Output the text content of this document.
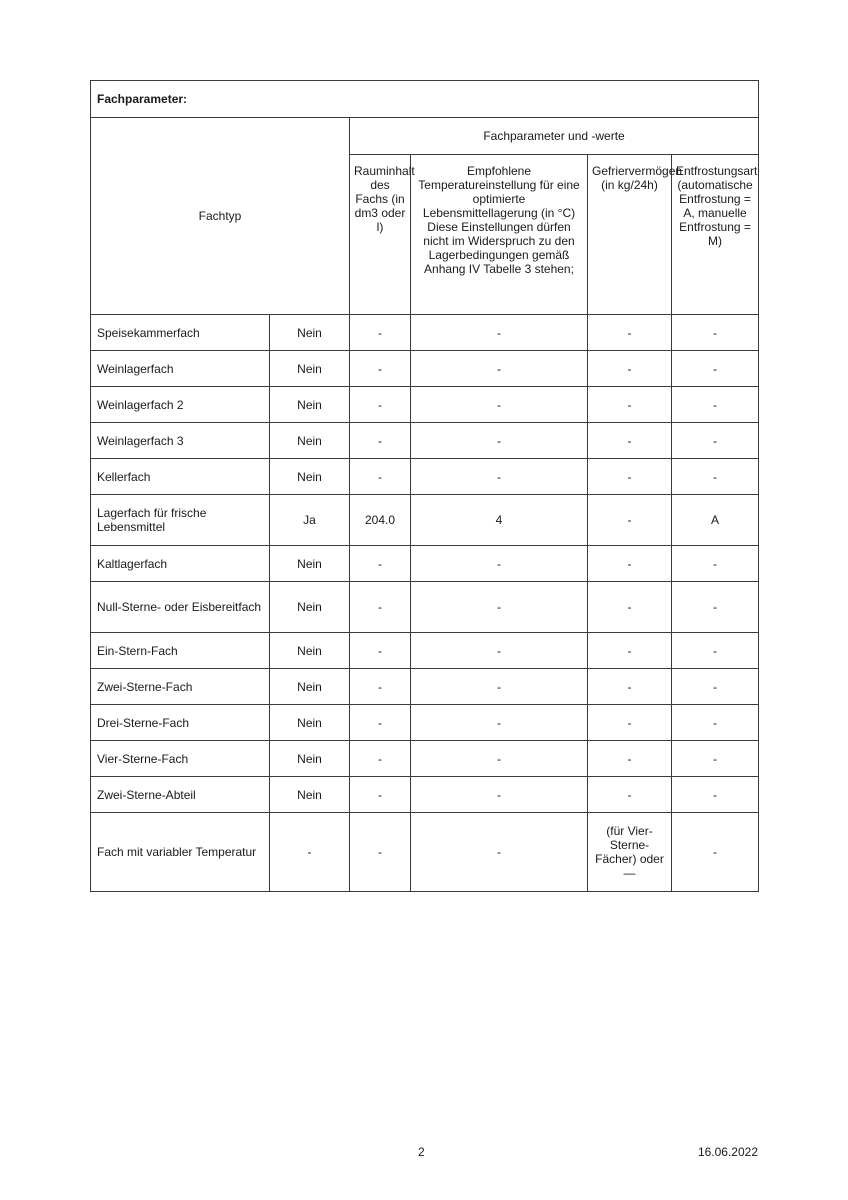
Fachparameter:					
Fachtyp		Fachparameter und -werte			
		Rauminhalt des Fachs (in dm3 oder l)	Empfohlene Temperatureinstellung für eine optimierte Lebensmittellagerung (in °C) Diese Einstellungen dürfen nicht im Widerspruch zu den Lagerbedingungen gemäß Anhang IV Tabelle 3 stehen;	Gefriervermögen (in kg/24h)	Entfrostungsart (automatische Entfrostung = A, manuelle Entfrostung = M)
Speisekammerfach	Nein	-	-	-	-
Weinlagerfach	Nein	-	-	-	-
Weinlagerfach 2	Nein	-	-	-	-
Weinlagerfach 3	Nein	-	-	-	-
Kellerfach	Nein	-	-	-	-
Lagerfach für frische Lebensmittel	Ja	204.0	4	-	A
Kaltlagerfach	Nein	-	-	-	-
Null-Sterne- oder Eisbereitfach	Nein	-	-	-	-
Ein-Stern-Fach	Nein	-	-	-	-
Zwei-Sterne-Fach	Nein	-	-	-	-
Drei-Sterne-Fach	Nein	-	-	-	-
Vier-Sterne-Fach	Nein	-	-	-	-
Zwei-Sterne-Abteil	Nein	-	-	-	-
Fach mit variabler Temperatur	-	-	-	(für Vier-Sterne-Fächer) oder —	-
2	16.06.2022
